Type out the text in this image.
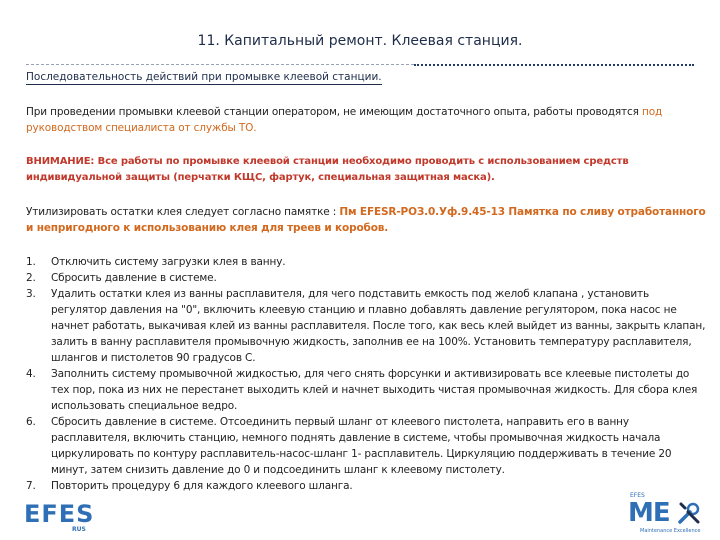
11. Капитальный ремонт. Клеевая станция.
Последовательность действий при промывке клеевой станции.
При проведении промывки клеевой станции оператором, не имеющим достаточного опыта, работы проводятся под руководством специалиста от службы ТО.
ВНИМАНИЕ: Все работы по промывке клеевой станции необходимо проводить с использованием средств индивидуальной защиты (перчатки КЩС, фартук, специальная защитная маска).
Утилизировать остатки клея следует согласно памятке : Пм EFESR-РОЗ.0.Уф.9.45-13 Памятка по сливу отработанного и непригодного к использованию клея для треев и коробов.
1.	Отключить систему загрузки клея в ванну.
2.	Сбросить давление в системе.
3.	Удалить остатки клея из ванны расплавителя, для чего подставить емкость под желоб клапана , установить регулятор давления на "0", включить клеевую станцию и плавно добавлять давление регулятором, пока насос не начнет работать, выкачивая клей из ванны расплавителя. После того, как весь клей выйдет из ванны, закрыть клапан, залить в ванну расплавителя промывочную жидкость, заполнив ее на 100%. Установить температуру расплавителя, шлангов и пистолетов 90 градусов С.
4.	Заполнить систему промывочной жидкостью, для чего снять форсунки и активизировать все клеевые пистолеты до тех пор, пока из них не перестанет выходить клей и начнет выходить чистая промывочная жидкость. Для сбора клея использовать специальное ведро.
6.	Сбросить давление в системе. Отсоединить первый шланг от клеевого пистолета, направить его в ванну расплавителя, включить станцию, немного поднять давление в системе, чтобы промывочная жидкость начала циркулировать по контуру расплавитель-насос-шланг 1- расплавитель. Циркуляцию поддерживать в течение 20 минут, затем снизить давление до 0 и подсоединить шланг к клеевому пистолету.
7.	Повторить процедуру 6 для каждого клеевого шланга.
EFES
RUS
EFES
ME
Maintenance Excellence
